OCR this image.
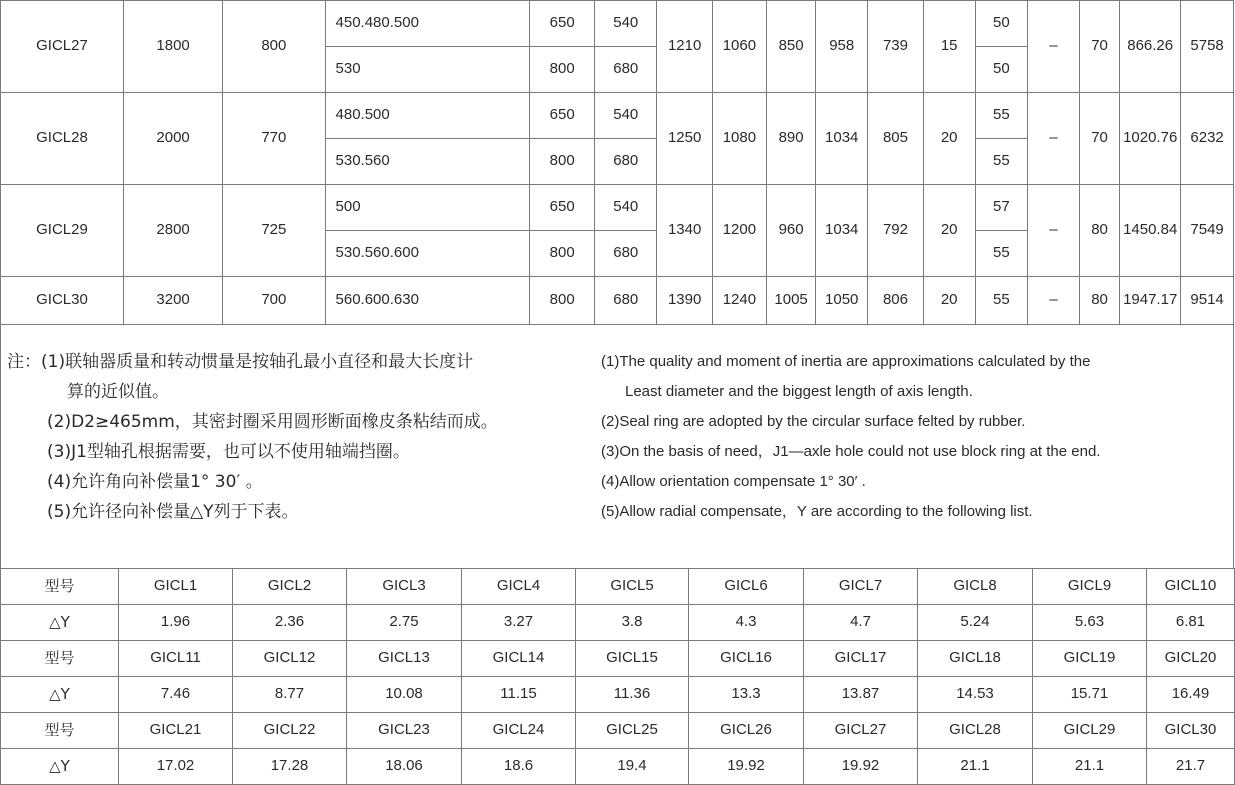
GICL27	1800	800	450.480.500	650	540	1210	1060	850	958	739	15	50	–	70	866.26	5758
			530	800	680							50				
GICL28	2000	770	480.500	650	540	1250	1080	890	1034	805	20	55	–	70	1020.76	6232
			530.560	800	680							55				
GICL29	2800	725	500	650	540	1340	1200	960	1034	792	20	57	–	80	1450.84	7549
			530.560.600	800	680							55				
GICL30	3200	700	560.600.630	800	680	1390	1240	1005	1050	806	20	55	–	80	1947.17	9514
注：(1)联轴器质量和转动惯量是按轴孔最小直径和最大长度计
算的近似值。
(2)D2≥465mm，其密封圈采用圆形断面橡皮条粘结而成。
(3)J1型轴孔根据需要，也可以不使用轴端挡圈。
(4)允许角向补偿量1° 30′ 。
(5)允许径向补偿量△Y列于下表。
(1)The quality and moment of inertia are approximations calculated by the
Least diameter and the biggest length of axis length.
(2)Seal ring are adopted by the circular surface felted by rubber.
(3)On the basis of need，J1—axle hole could not use block ring at the end.
(4)Allow orientation compensate 1° 30′ .
(5)Allow radial compensate，Y are according to the following list.
型号	GICL1	GICL2	GICL3	GICL4	GICL5	GICL6	GICL7	GICL8	GICL9	GICL10
△Y	1.96	2.36	2.75	3.27	3.8	4.3	4.7	5.24	5.63	6.81
型号	GICL11	GICL12	GICL13	GICL14	GICL15	GICL16	GICL17	GICL18	GICL19	GICL20
△Y	7.46	8.77	10.08	11.15	11.36	13.3	13.87	14.53	15.71	16.49
型号	GICL21	GICL22	GICL23	GICL24	GICL25	GICL26	GICL27	GICL28	GICL29	GICL30
△Y	17.02	17.28	18.06	18.6	19.4	19.92	19.92	21.1	21.1	21.7
